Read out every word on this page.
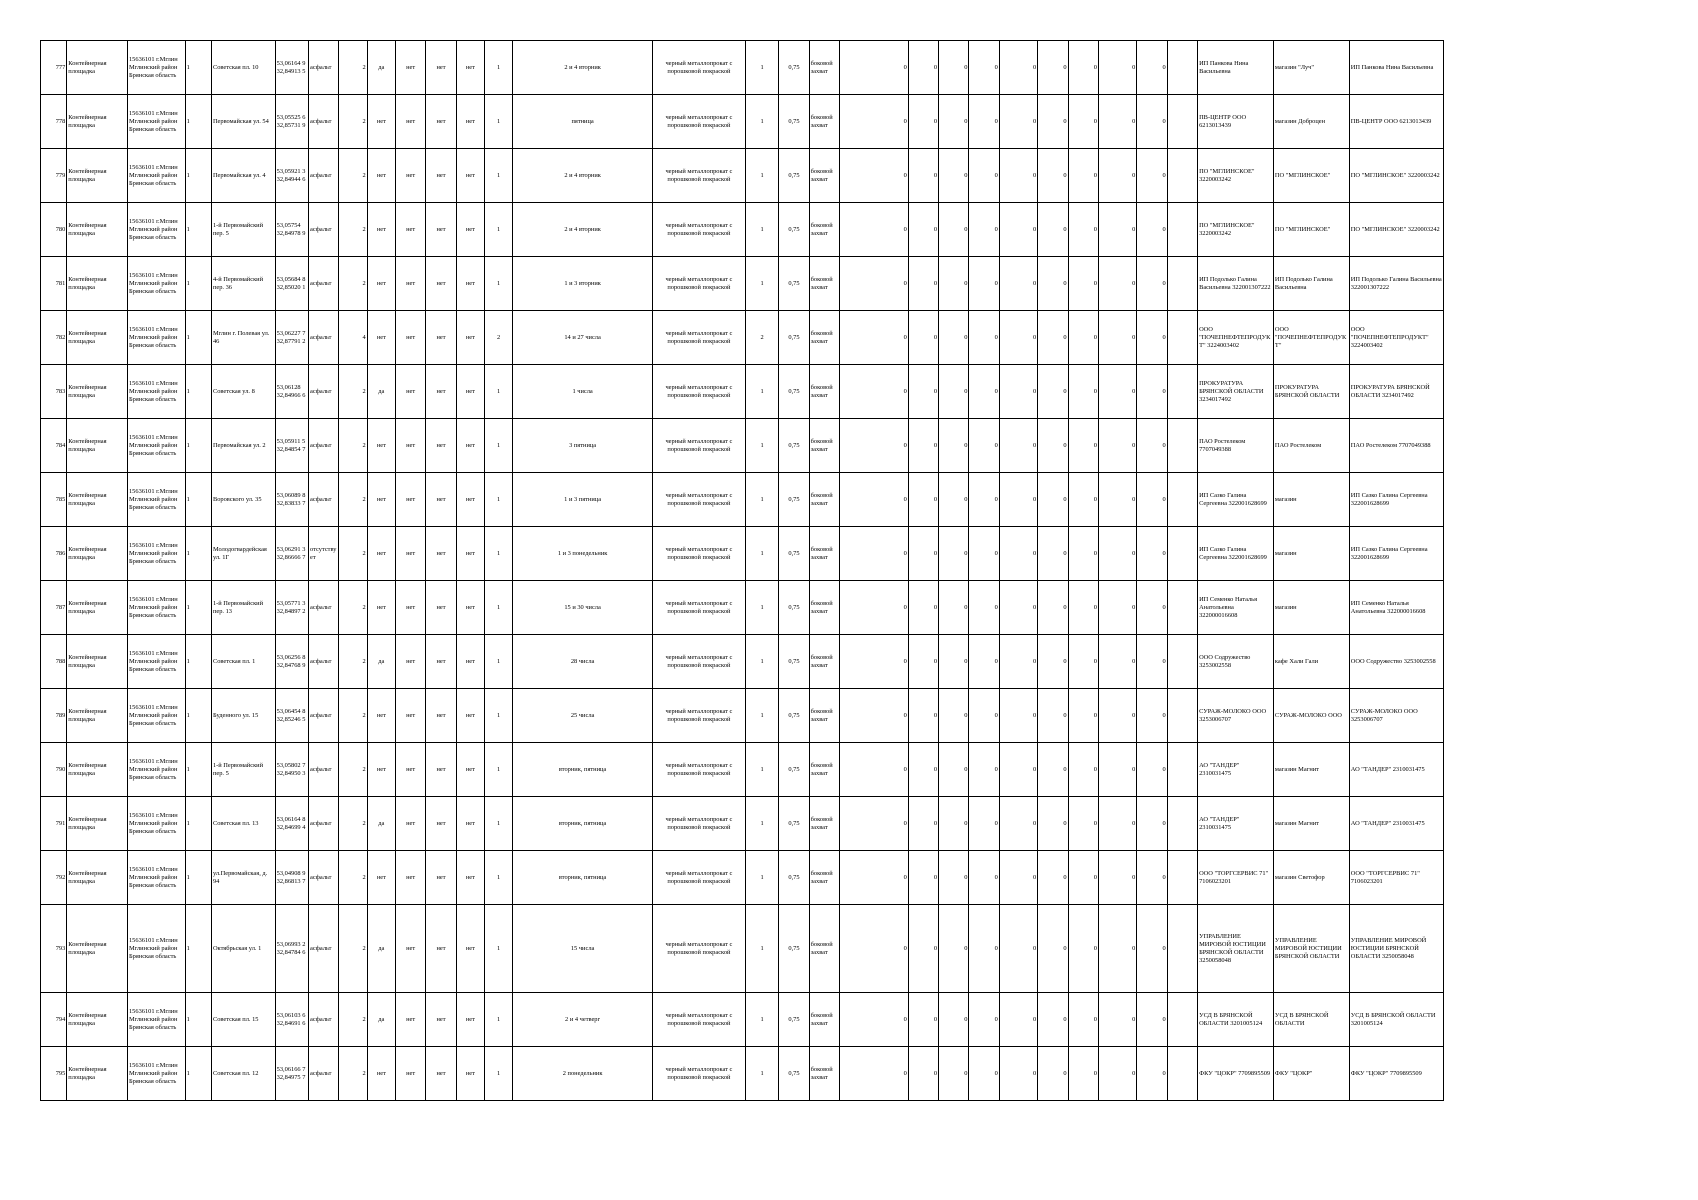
777	Контейнерная площадка	15636101 г.Мглин Мглинский район Брянская область	1	Советская пл. 10	53,06164 9 32,84913 5	асфальт	2	да	нет	нет	нет	1	2 и 4 вторник	черный металлопрокат с порошковой покраской	1	0,75	боковой захват	0	0	0	0	0	0	0	0	0		ИП Панкова Нина Васильевна	магазин "Луч"	ИП Панкова Нина Васильевна
778	Контейнерная площадка	15636101 г.Мглин Мглинский район Брянская область	1	Первомайская ул. 54	53,05525 6 32,85731 9	асфальт	2	нет	нет	нет	нет	1	пятница	черный металлопрокат с порошковой покраской	1	0,75	боковой захват	0	0	0	0	0	0	0	0	0		ПВ-ЦЕНТР ООО 6213013439	магазин Доброцен	ПВ-ЦЕНТР ООО 6213013439
779	Контейнерная площадка	15636101 г.Мглин Мглинский район Брянская область	1	Первомайская ул. 4	53,05921 3 32,84944 6	асфальт	2	нет	нет	нет	нет	1	2 и 4 вторник	черный металлопрокат с порошковой покраской	1	0,75	боковой захват	0	0	0	0	0	0	0	0	0		ПО "МГЛИНСКОЕ" 3220003242	ПО "МГЛИНСКОЕ"	ПО "МГЛИНСКОЕ" 3220003242
780	Контейнерная площадка	15636101 г.Мглин Мглинский район Брянская область	1	1-й Первомайский пер. 5	53,05754 32,84978 9	асфальт	2	нет	нет	нет	нет	1	2 и 4 вторник	черный металлопрокат с порошковой покраской	1	0,75	боковой захват	0	0	0	0	0	0	0	0	0		ПО "МГЛИНСКОЕ" 3220003242	ПО "МГЛИНСКОЕ"	ПО "МГЛИНСКОЕ" 3220003242
781	Контейнерная площадка	15636101 г.Мглин Мглинский район Брянская область	1	4-й Первомайский пер. 36	53,05684 8 32,85020 1	асфальт	2	нет	нет	нет	нет	1	1 и 3 вторник	черный металлопрокат с порошковой покраской	1	0,75	боковой захват	0	0	0	0	0	0	0	0	0		ИП Подолько Галина Васильевна 322001307222	ИП Подолько Галина Васильевна	ИП Подолько Галина Васильевна 322001307222
782	Контейнерная площадка	15636101 г.Мглин Мглинский район Брянская область	1	Мглин г. Полевая ул. 46	53,06227 7 32,87791 2	асфальт	4	нет	нет	нет	нет	2	14 и 27 числа	черный металлопрокат с порошковой покраской	2	0,75	боковой захват	0	0	0	0	0	0	0	0	0		ООО "ПОЧЕПНЕФТЕПРОДУКТ" 3224003402	ООО "ПОЧЕПНЕФТЕПРОДУКТ"	ООО "ПОЧЕПНЕФТЕПРОДУКТ" 3224003402
783	Контейнерная площадка	15636101 г.Мглин Мглинский район Брянская область	1	Советская ул. 8	53,06128 32,84966 6	асфальт	2	да	нет	нет	нет	1	1 числа	черный металлопрокат с порошковой покраской	1	0,75	боковой захват	0	0	0	0	0	0	0	0	0		ПРОКУРАТУРА БРЯНСКОЙ ОБЛАСТИ 3234017492	ПРОКУРАТУРА БРЯНСКОЙ ОБЛАСТИ	ПРОКУРАТУРА БРЯНСКОЙ ОБЛАСТИ 3234017492
784	Контейнерная площадка	15636101 г.Мглин Мглинский район Брянская область	1	Первомайская ул. 2	53,05911 5 32,84854 7	асфальт	2	нет	нет	нет	нет	1	3 пятница	черный металлопрокат с порошковой покраской	1	0,75	боковой захват	0	0	0	0	0	0	0	0	0		ПАО Ростелеком 7707049388	ПАО Ростелеком	ПАО Ростелеком 7707049388
785	Контейнерная площадка	15636101 г.Мглин Мглинский район Брянская область	1	Воровского ул. 35	53,06089 8 32,83833 7	асфальт	2	нет	нет	нет	нет	1	1 и 3 пятница	черный металлопрокат с порошковой покраской	1	0,75	боковой захват	0	0	0	0	0	0	0	0	0		ИП Сазко Галина Сергеевна 322001628699	магазин	ИП Сазко Галина Сергеевна 322001628699
786	Контейнерная площадка	15636101 г.Мглин Мглинский район Брянская область	1	Молодогвардейская ул. 1Г	53,06291 3 32,86666 7	отсутствует	2	нет	нет	нет	нет	1	1 и 3 понедельник	черный металлопрокат с порошковой покраской	1	0,75	боковой захват	0	0	0	0	0	0	0	0	0		ИП Сазко Галина Сергеевна 322001628699	магазин	ИП Сазко Галина Сергеевна 322001628699
787	Контейнерная площадка	15636101 г.Мглин Мглинский район Брянская область	1	1-й Первомайский пер. 13	53,05771 3 32,84897 2	асфальт	2	нет	нет	нет	нет	1	15 и 30 числа	черный металлопрокат с порошковой покраской	1	0,75	боковой захват	0	0	0	0	0	0	0	0	0		ИП Семенко Наталья Анатольевна 322000016608	магазин	ИП Семенко Наталья Анатольевна 322000016608
788	Контейнерная площадка	15636101 г.Мглин Мглинский район Брянская область	1	Советская пл. 1	53,06256 8 32,84768 9	асфальт	2	да	нет	нет	нет	1	28 числа	черный металлопрокат с порошковой покраской	1	0,75	боковой захват	0	0	0	0	0	0	0	0	0		ООО Содружество 3253002558	кафе Хали Гали	ООО Содружество 3253002558
789	Контейнерная площадка	15636101 г.Мглин Мглинский район Брянская область	1	Буденного ул. 15	53,06454 8 32,85246 5	асфальт	2	нет	нет	нет	нет	1	25 числа	черный металлопрокат с порошковой покраской	1	0,75	боковой захват	0	0	0	0	0	0	0	0	0		СУРАЖ-МОЛОКО ООО 3253006707	СУРАЖ-МОЛОКО ООО	СУРАЖ-МОЛОКО ООО 3253006707
790	Контейнерная площадка	15636101 г.Мглин Мглинский район Брянская область	1	1-й Первомайский пер. 5	53,05802 7 32,84950 3	асфальт	2	нет	нет	нет	нет	1	вторник, пятница	черный металлопрокат с порошковой покраской	1	0,75	боковой захват	0	0	0	0	0	0	0	0	0		АО "ТАНДЕР" 2310031475	магазин Магнит	АО "ТАНДЕР" 2310031475
791	Контейнерная площадка	15636101 г.Мглин Мглинский район Брянская область	1	Советская пл. 13	53,06164 8 32,84699 4	асфальт	2	да	нет	нет	нет	1	вторник, пятница	черный металлопрокат с порошковой покраской	1	0,75	боковой захват	0	0	0	0	0	0	0	0	0		АО "ТАНДЕР" 2310031475	магазин Магнит	АО "ТАНДЕР" 2310031475
792	Контейнерная площадка	15636101 г.Мглин Мглинский район Брянская область	1	ул.Первомайская, д. 94	53,04908 9 32,86813 7	асфальт	2	нет	нет	нет	нет	1	вторник, пятница	черный металлопрокат с порошковой покраской	1	0,75	боковой захват	0	0	0	0	0	0	0	0	0		ООО "ТОРГСЕРВИС 71" 7106023201	магазин Светофор	ООО "ТОРГСЕРВИС 71" 7106023201
793	Контейнерная площадка	15636101 г.Мглин Мглинский район Брянская область	1	Октябрьская ул. 1	53,06993 2 32,84784 6	асфальт	2	да	нет	нет	нет	1	15 числа	черный металлопрокат с порошковой покраской	1	0,75	боковой захват	0	0	0	0	0	0	0	0	0		УПРАВЛЕНИЕ МИРОВОЙ ЮСТИЦИИ БРЯНСКОЙ ОБЛАСТИ 3250058048	УПРАВЛЕНИЕ МИРОВОЙ ЮСТИЦИИ БРЯНСКОЙ ОБЛАСТИ	УПРАВЛЕНИЕ МИРОВОЙ ЮСТИЦИИ БРЯНСКОЙ ОБЛАСТИ 3250058048
794	Контейнерная площадка	15636101 г.Мглин Мглинский район Брянская область	1	Советская пл. 15	53,06103 6 32,84691 6	асфальт	2	да	нет	нет	нет	1	2 и 4 четверг	черный металлопрокат с порошковой покраской	1	0,75	боковой захват	0	0	0	0	0	0	0	0	0		УСД В БРЯНСКОЙ ОБЛАСТИ 3201005124	УСД В БРЯНСКОЙ ОБЛАСТИ	УСД В БРЯНСКОЙ ОБЛАСТИ 3201005124
795	Контейнерная площадка	15636101 г.Мглин Мглинский район Брянская область	1	Советская пл. 12	53,06166 7 32,84975 7	асфальт	2	нет	нет	нет	нет	1	2 понедельник	черный металлопрокат с порошковой покраской	1	0,75	боковой захват	0	0	0	0	0	0	0	0	0		ФКУ "ЦОКР" 7709895509	ФКУ "ЦОКР"	ФКУ "ЦОКР" 7709895509
